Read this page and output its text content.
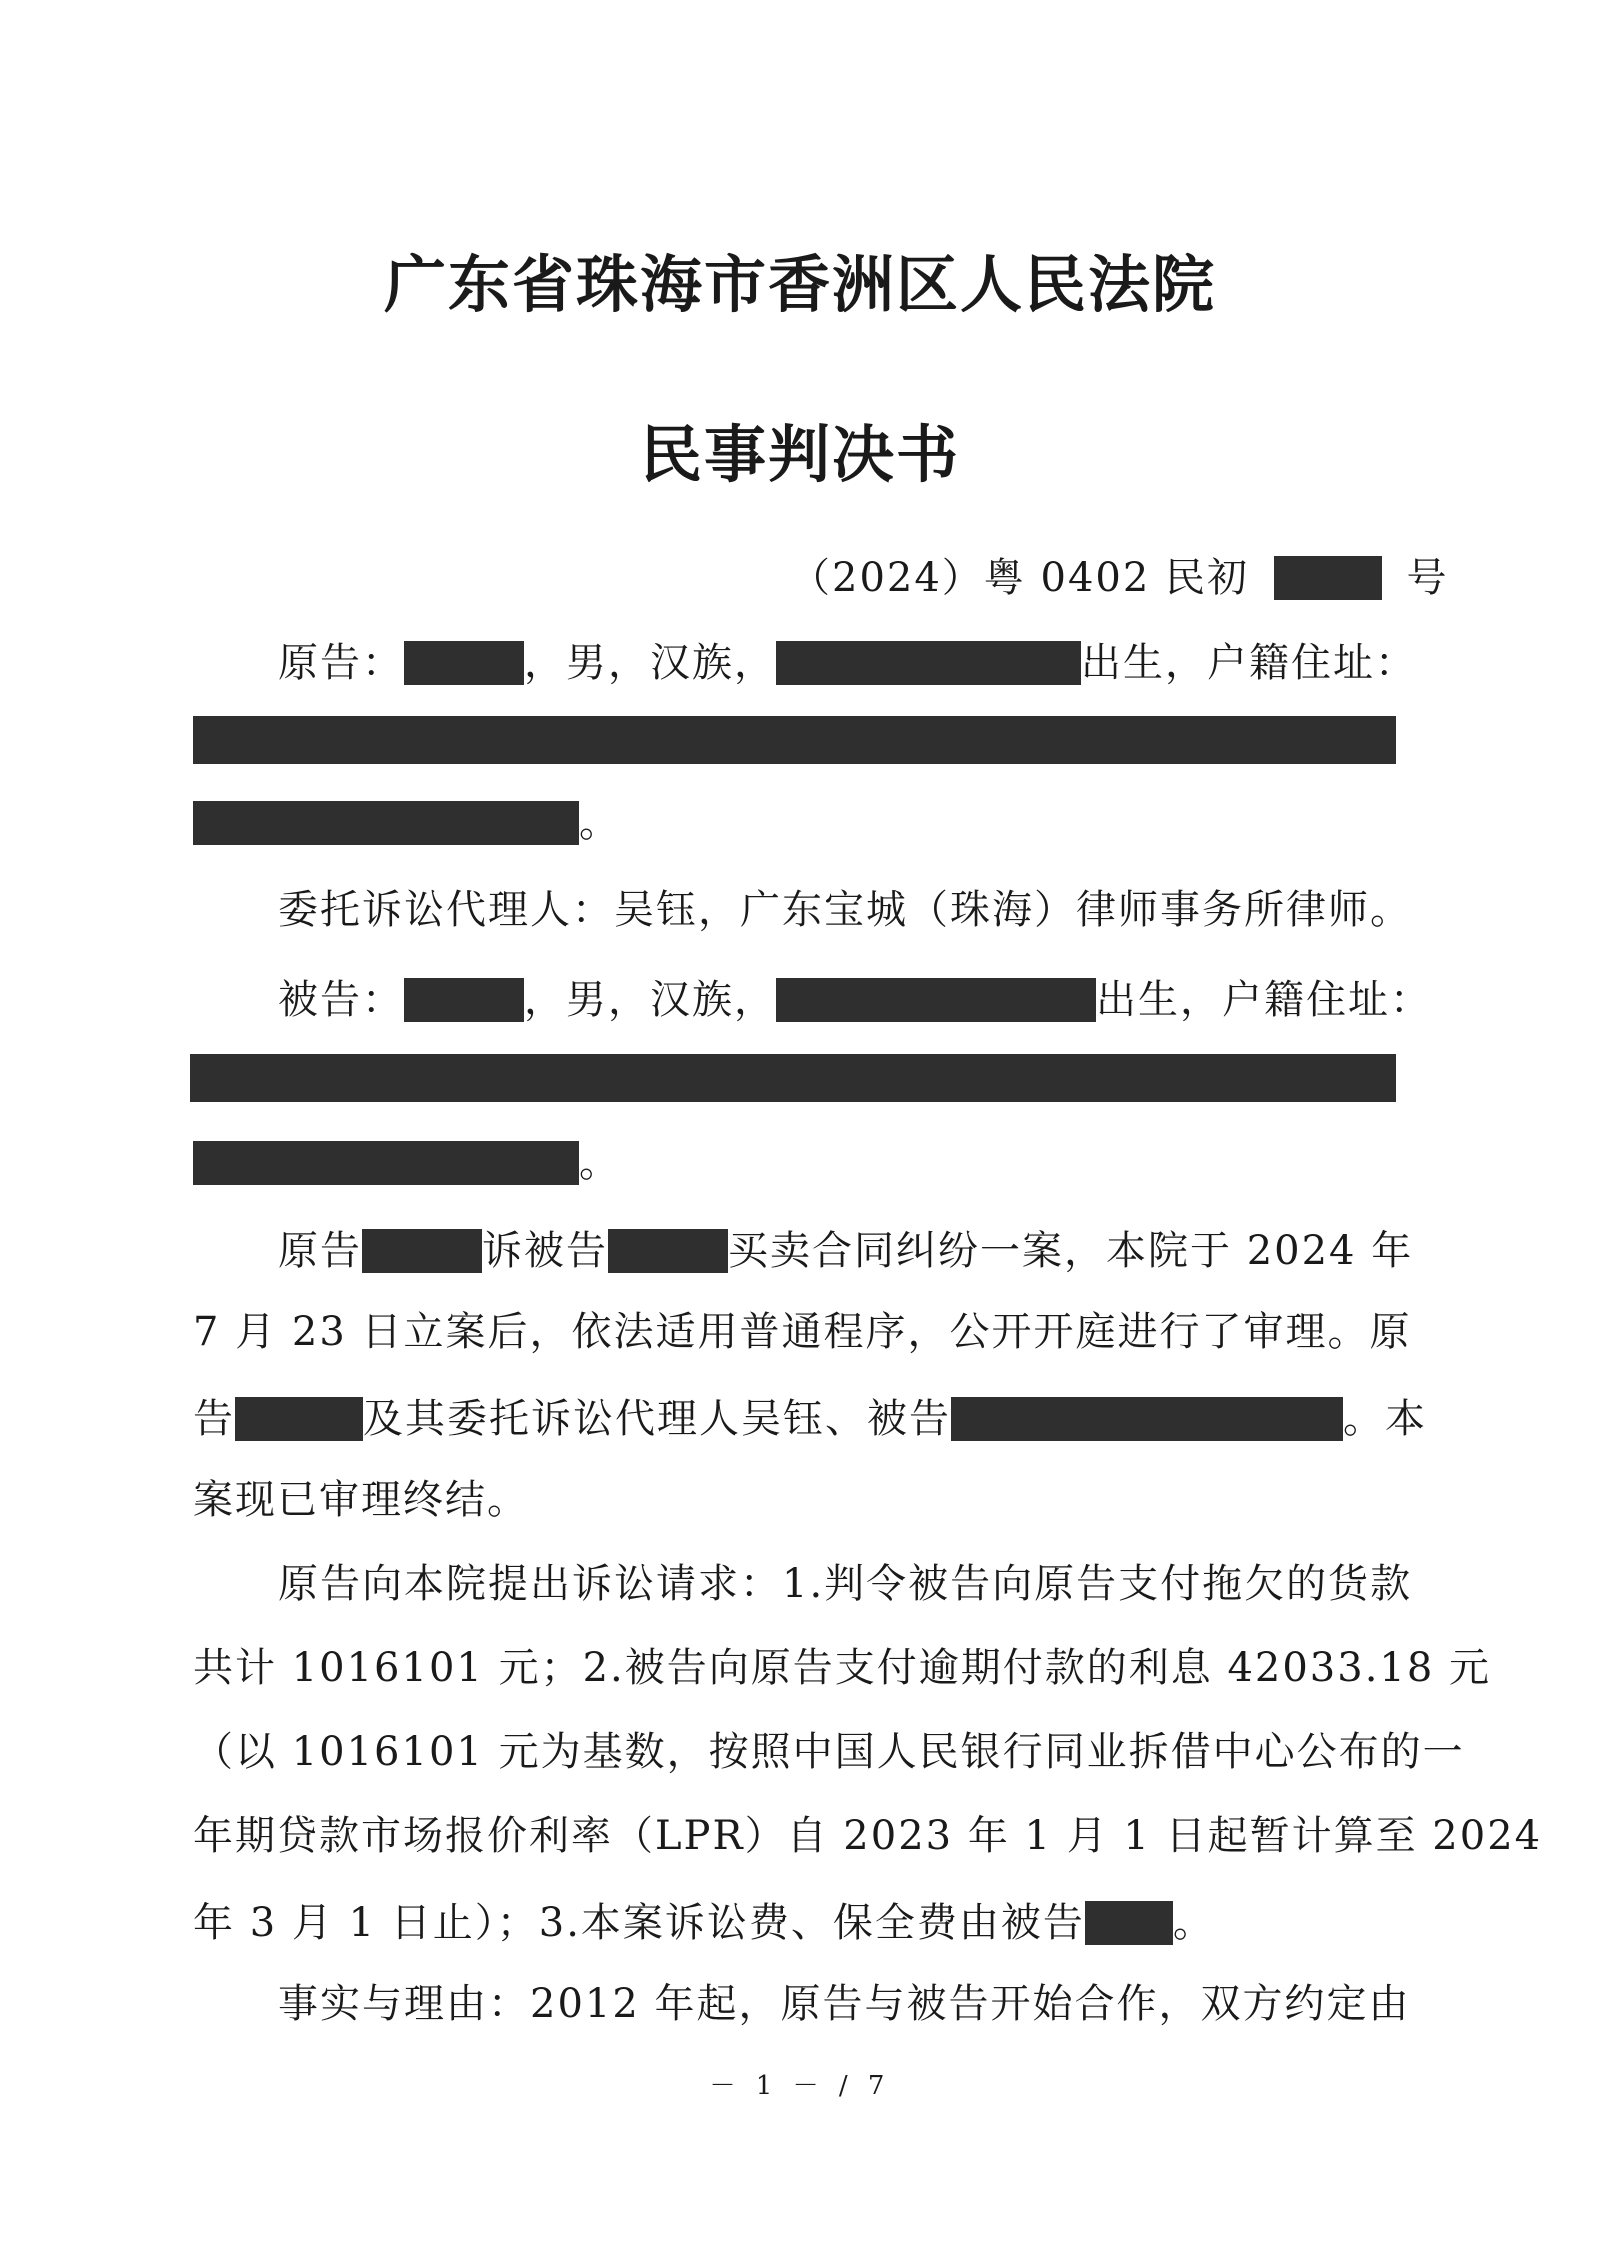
广东省珠海市香洲区人民法院
民事判决书
（2024）粤 0402 民初	号
原告：	，男，汉族，	出生，户籍住址：
。
委托诉讼代理人：吴钰，广东宝城（珠海）律师事务所律师。
被告：	，男，汉族，	出生，户籍住址：
。
原告	诉被告	买卖合同纠纷一案，本院于 2024 年
7 月 23 日立案后，依法适用普通程序，公开开庭进行了审理。原
告	及其委托诉讼代理人吴钰、被告	。本
案现已审理终结。
原告向本院提出诉讼请求：1.判令被告向原告支付拖欠的货款
共计 1016101 元；2.被告向原告支付逾期付款的利息 42033.18 元
（以 1016101 元为基数，按照中国人民银行同业拆借中心公布的一
年期贷款市场报价利率（LPR）自 2023 年 1 月 1 日起暂计算至 2024
年 3 月 1 日止）；3.本案诉讼费、保全费由被告 。
事实与理由：2012 年起，原告与被告开始合作，双方约定由
－ 1 － / 7
